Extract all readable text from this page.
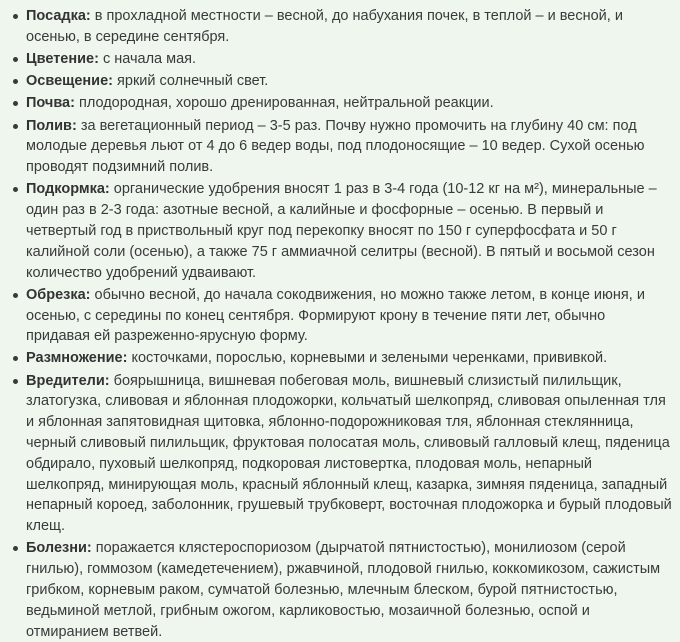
Посадка: в прохладной местности – весной, до набухания почек, в теплой – и весной, и осенью, в середине сентября.
Цветение: с начала мая.
Освещение: яркий солнечный свет.
Почва: плодородная, хорошо дренированная, нейтральной реакции.
Полив: за вегетационный период – 3-5 раз. Почву нужно промочить на глубину 40 см: под молодые деревья льют от 4 до 6 ведер воды, под плодоносящие – 10 ведер. Сухой осенью проводят подзимний полив.
Подкормка: органические удобрения вносят 1 раз в 3-4 года (10-12 кг на м²), минеральные – один раз в 2-3 года: азотные весной, а калийные и фосфорные – осенью. В первый и четвертый год в приствольный круг под перекопку вносят по 150 г суперфосфата и 50 г калийной соли (осенью), а также 75 г аммиачной селитры (весной). В пятый и восьмой сезон количество удобрений удваивают.
Обрезка: обычно весной, до начала сокодвижения, но можно также летом, в конце июня, и осенью, с середины по конец сентября. Формируют крону в течение пяти лет, обычно придавая ей разреженно-ярусную форму.
Размножение: косточками, порослью, корневыми и зелеными черенками, прививкой.
Вредители: боярышница, вишневая побеговая моль, вишневый слизистый пилильщик, златогузка, сливовая и яблонная плодожорки, кольчатый шелкопряд, сливовая опыленная тля и яблонная запятовидная щитовка, яблонно-подорожниковая тля, яблонная стеклянница, черный сливовый пилильщик, фруктовая полосатая моль, сливовый галловый клещ, пяденица обдирало, пуховый шелкопряд, подкоровая листовертка, плодовая моль, непарный шелкопряд, минирующая моль, красный яблонный клещ, казарка, зимняя пяденица, западный непарный короед, заболонник, грушевый трубковерт, восточная плодожорка и бурый плодовый клещ.
Болезни: поражается клястероспориозом (дырчатой пятнистостью), монилиозом (серой гнилью), гоммозом (камедетечением), ржавчиной, плодовой гнилью, коккомикозом, сажистым грибком, корневым раком, сумчатой болезнью, млечным блеском, бурой пятнистостью, ведьминой метлой, грибным ожогом, карликовостью, мозаичной болезнью, оспой и отмиранием ветвей.
